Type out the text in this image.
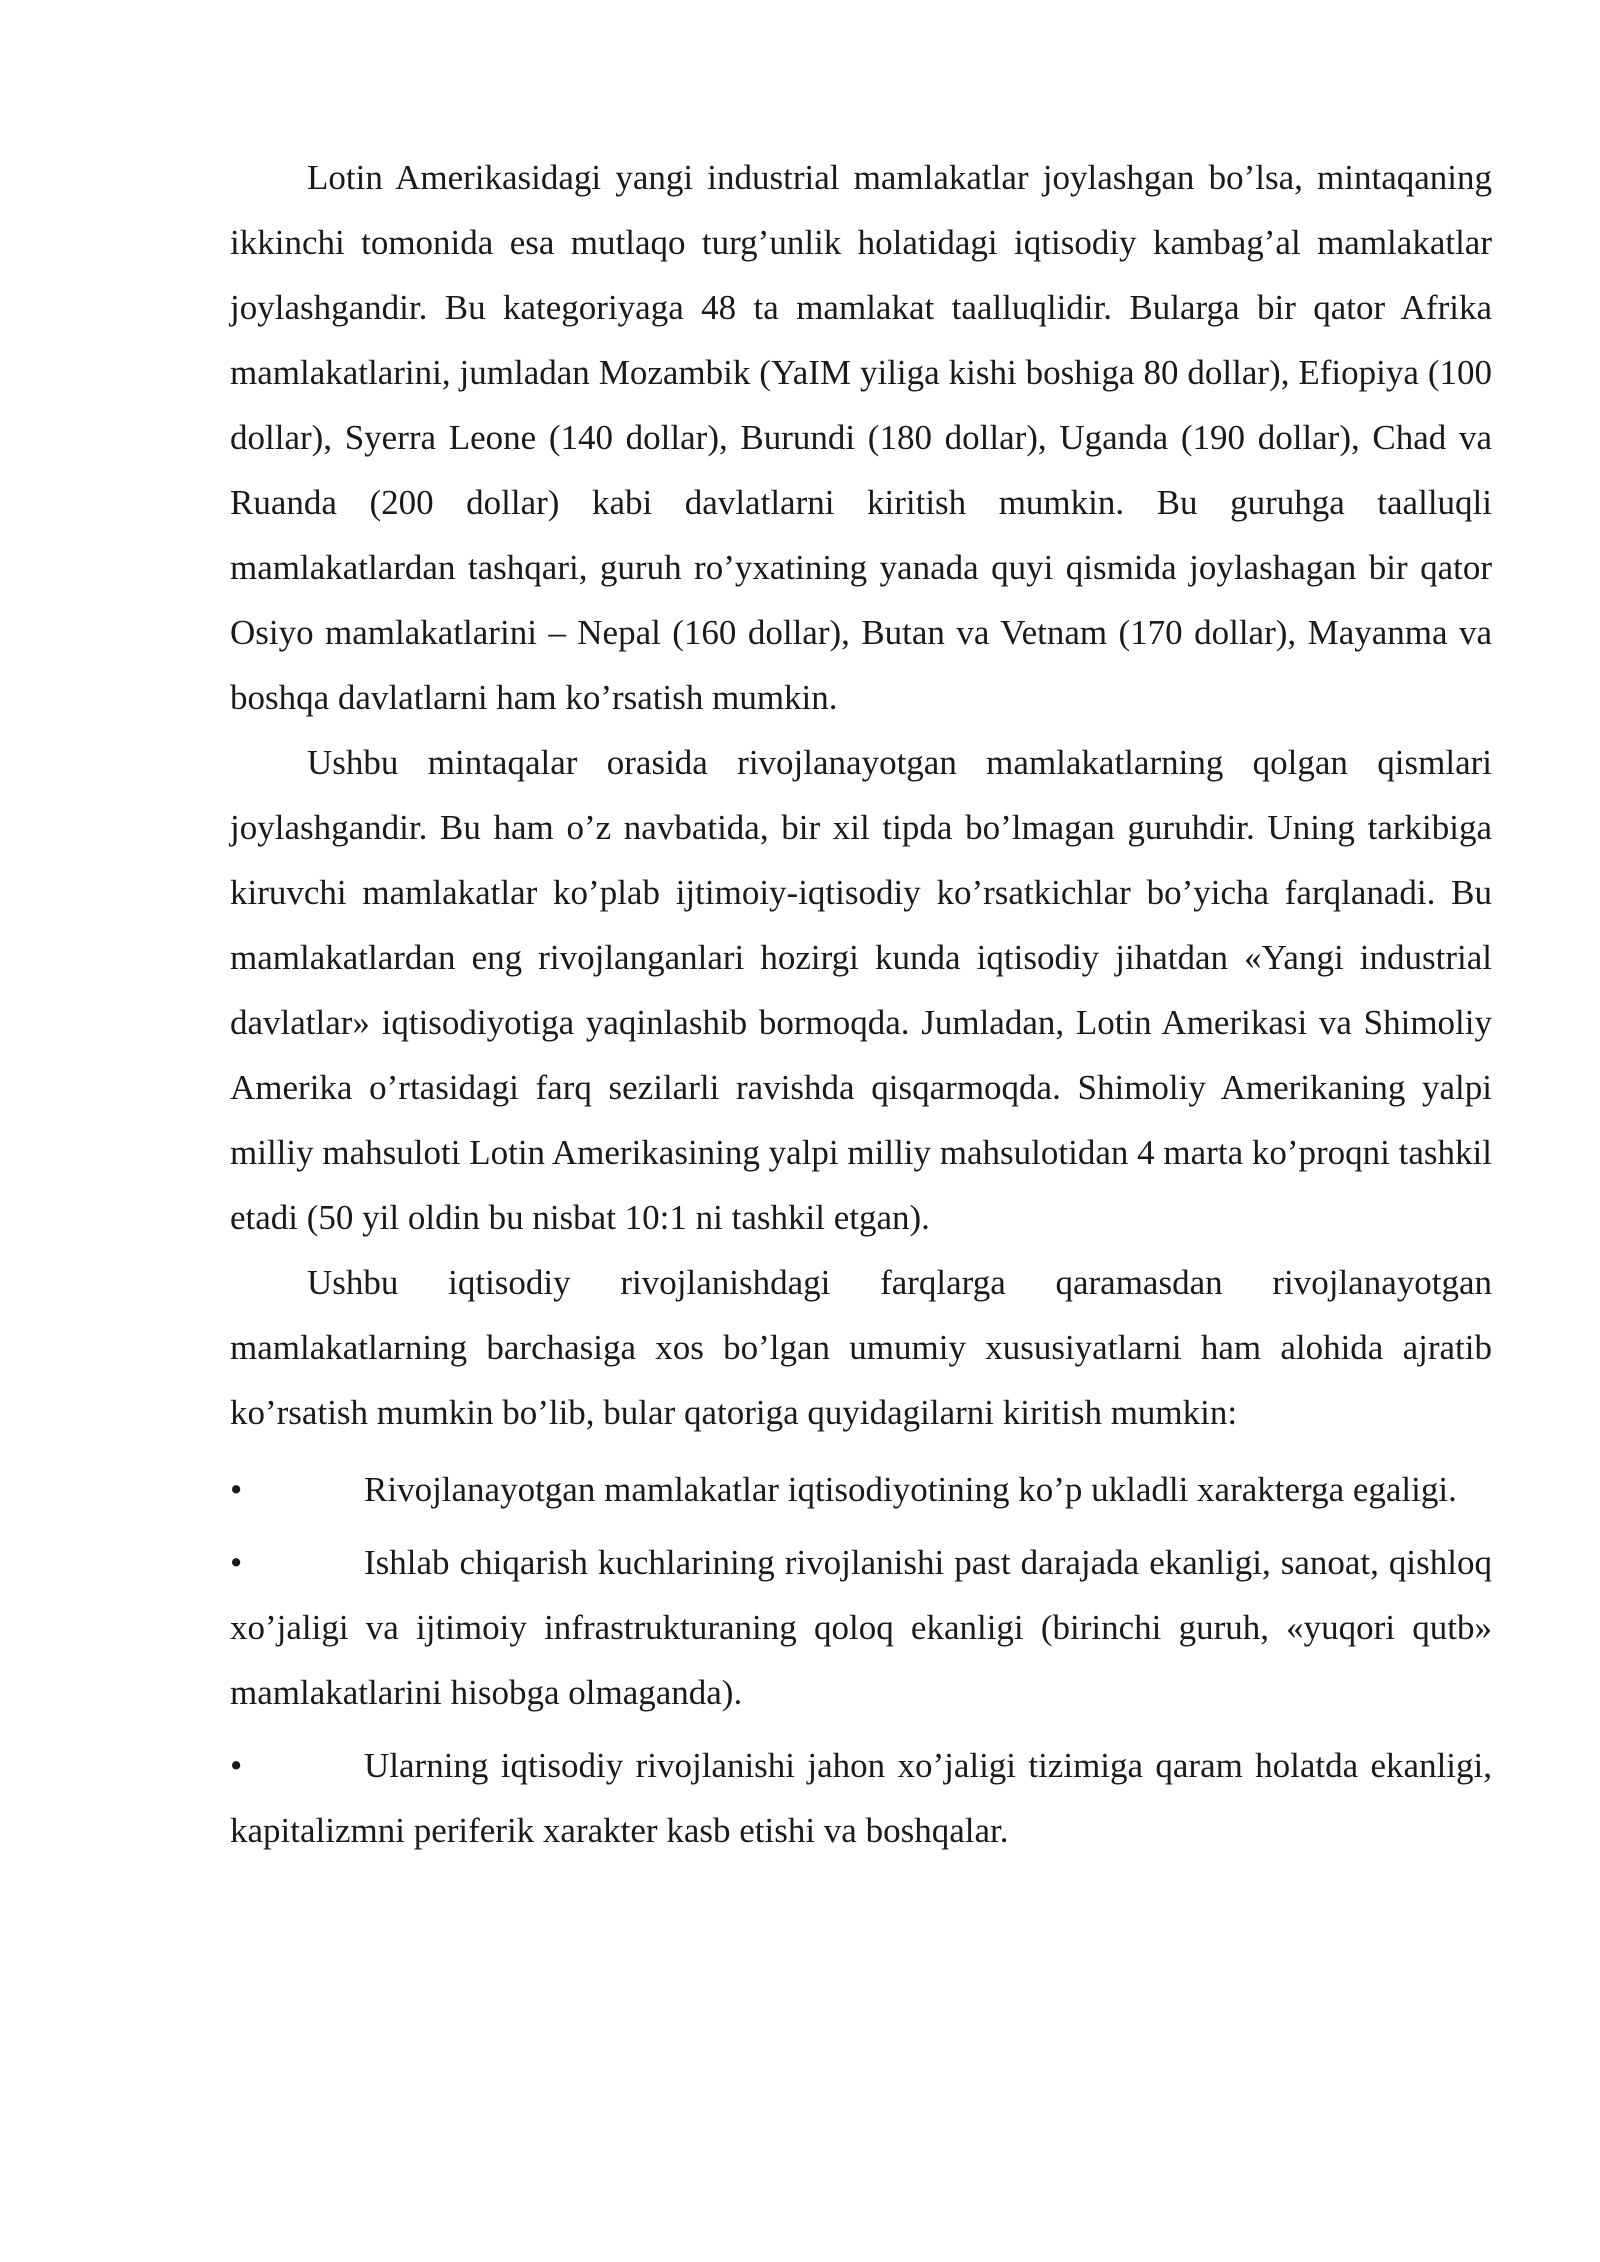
Lotin Amerikasidagi yangi industrial mamlakatlar joylashgan bo’lsa, mintaqaning ikkinchi tomonida esa mutlaqo turg’unlik holatidagi iqtisodiy kambag’al mamlakatlar joylashgandir. Bu kategoriyaga 48 ta mamlakat taalluqlidir. Bularga bir qator Afrika mamlakatlarini, jumladan Mozambik (YaIM yiliga kishi boshiga 80 dollar), Efiopiya (100 dollar), Syerra Leone (140 dollar), Burundi (180 dollar), Uganda (190 dollar), Chad va Ruanda (200 dollar) kabi davlatlarni kiritish mumkin. Bu guruhga taalluqli mamlakatlardan tashqari, guruh ro’yxatining yanada quyi qismida joylashagan bir qator Osiyo mamlakatlarini – Nepal (160 dollar), Butan va Vetnam (170 dollar), Mayanma va boshqa davlatlarni ham ko’rsatish mumkin.

Ushbu mintaqalar orasida rivojlanayotgan mamlakatlarning qolgan qismlari joylashgandir. Bu ham o’z navbatida, bir xil tipda bo’lmagan guruhdir. Uning tarkibiga kiruvchi mamlakatlar ko’plab ijtimoiy-iqtisodiy ko’rsatkichlar bo’yicha farqlanadi. Bu mamlakatlardan eng rivojlanganlari hozirgi kunda iqtisodiy jihatdan «Yangi industrial davlatlar» iqtisodiyotiga yaqinlashib bormoqda. Jumladan, Lotin Amerikasi va Shimoliy Amerika o’rtasidagi farq sezilarli ravishda qisqarmoqda. Shimoliy Amerikaning yalpi milliy mahsuloti Lotin Amerikasining yalpi milliy mahsulotidan 4 marta ko’proqni tashkil etadi (50 yil oldin bu nisbat 10:1 ni tashkil etgan).

Ushbu iqtisodiy rivojlanishdagi farqlarga qaramasdan rivojlanayotgan mamlakatlarning barchasiga xos bo’lgan umumiy xususiyatlarni ham alohida ajratib ko’rsatish mumkin bo’lib, bular qatoriga quyidagilarni kiritish mumkin:

•	Rivojlanayotgan mamlakatlar iqtisodiyotining ko’p ukladli xarakterga egaligi.

•	Ishlab chiqarish kuchlarining rivojlanishi past darajada ekanligi, sanoat, qishloq xo’jaligi va ijtimoiy infrastrukturaning qoloq ekanligi (birinchi guruh, «yuqori qutb» mamlakatlarini hisobga olmaganda).

•	Ularning iqtisodiy rivojlanishi jahon xo’jaligi tizimiga qaram holatda ekanligi, kapitalizmni periferik xarakter kasb etishi va boshqalar.
